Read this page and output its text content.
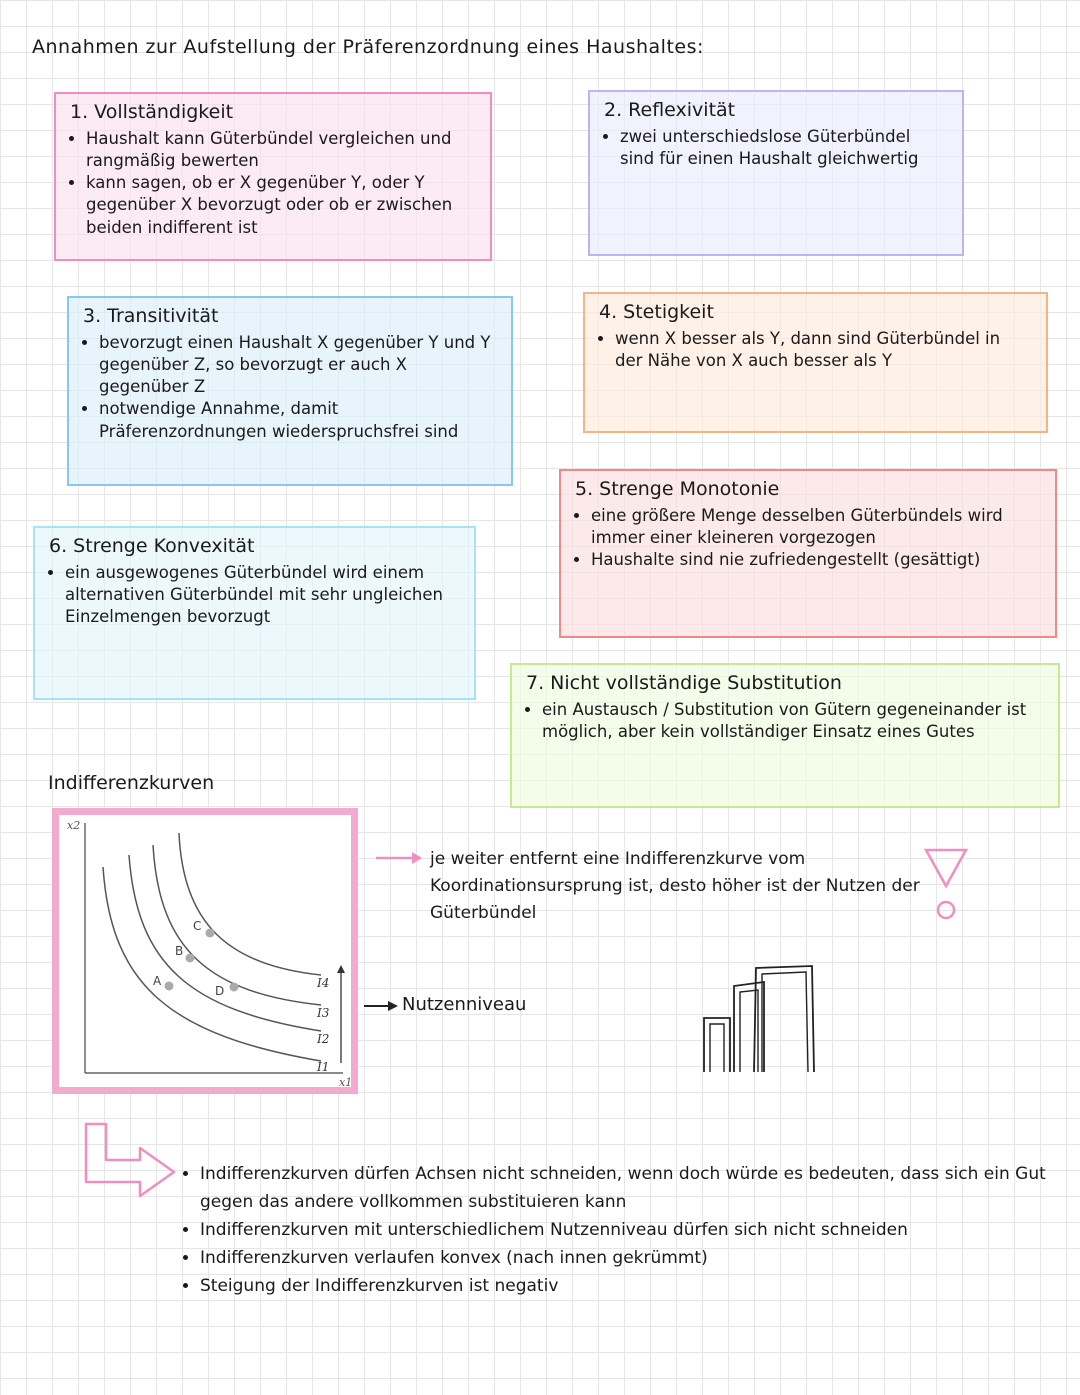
Annahmen zur Aufstellung der Präferenzordnung eines Haushaltes:
1. Vollständigkeit
• Haushalt kann Güterbündel vergleichen und rangmäßig bewerten
• kann sagen, ob er X gegenüber Y, oder Y gegenüber X bevorzugt oder ob er zwischen beiden indifferent ist
2. Reflexivität
• zwei unterschiedslose Güterbündel sind für einen Haushalt gleichwertig
3. Transitivität
• bevorzugt einen Haushalt X gegenüber Y und Y gegenüber Z, so bevorzugt er auch X gegenüber Z
• notwendige Annahme, damit Präferenzordnungen wiederspruchsfrei sind
4. Stetigkeit
• wenn X besser als Y, dann sind Güterbündel in der Nähe von X auch besser als Y
5. Strenge Monotonie
• eine größere Menge desselben Güterbündels wird immer einer kleineren vorgezogen
• Haushalte sind nie zufriedengestellt (gesättigt)
6. Strenge Konvexität
• ein ausgewogenes Güterbündel wird einem alternativen Güterbündel mit sehr ungleichen Einzelmengen bevorzugt
7. Nicht vollständige Substitution
• ein Austausch / Substitution von Gütern gegeneinander ist möglich, aber kein vollständiger Einsatz eines Gutes
Indifferenzkurven
x2
x1
A
B
C
D
I1
I2
I3
I4
je weiter entfernt eine Indifferenzkurve vom Koordinationsursprung ist, desto höher ist der Nutzen der Güterbündel
Nutzenniveau
• Indifferenzkurven dürfen Achsen nicht schneiden, wenn doch würde es bedeuten, dass sich ein Gut gegen das andere vollkommen substituieren kann
• Indifferenzkurven mit unterschiedlichem Nutzenniveau dürfen sich nicht schneiden
• Indifferenzkurven verlaufen konvex (nach innen gekrümmt)
• Steigung der Indifferenzkurven ist negativ
